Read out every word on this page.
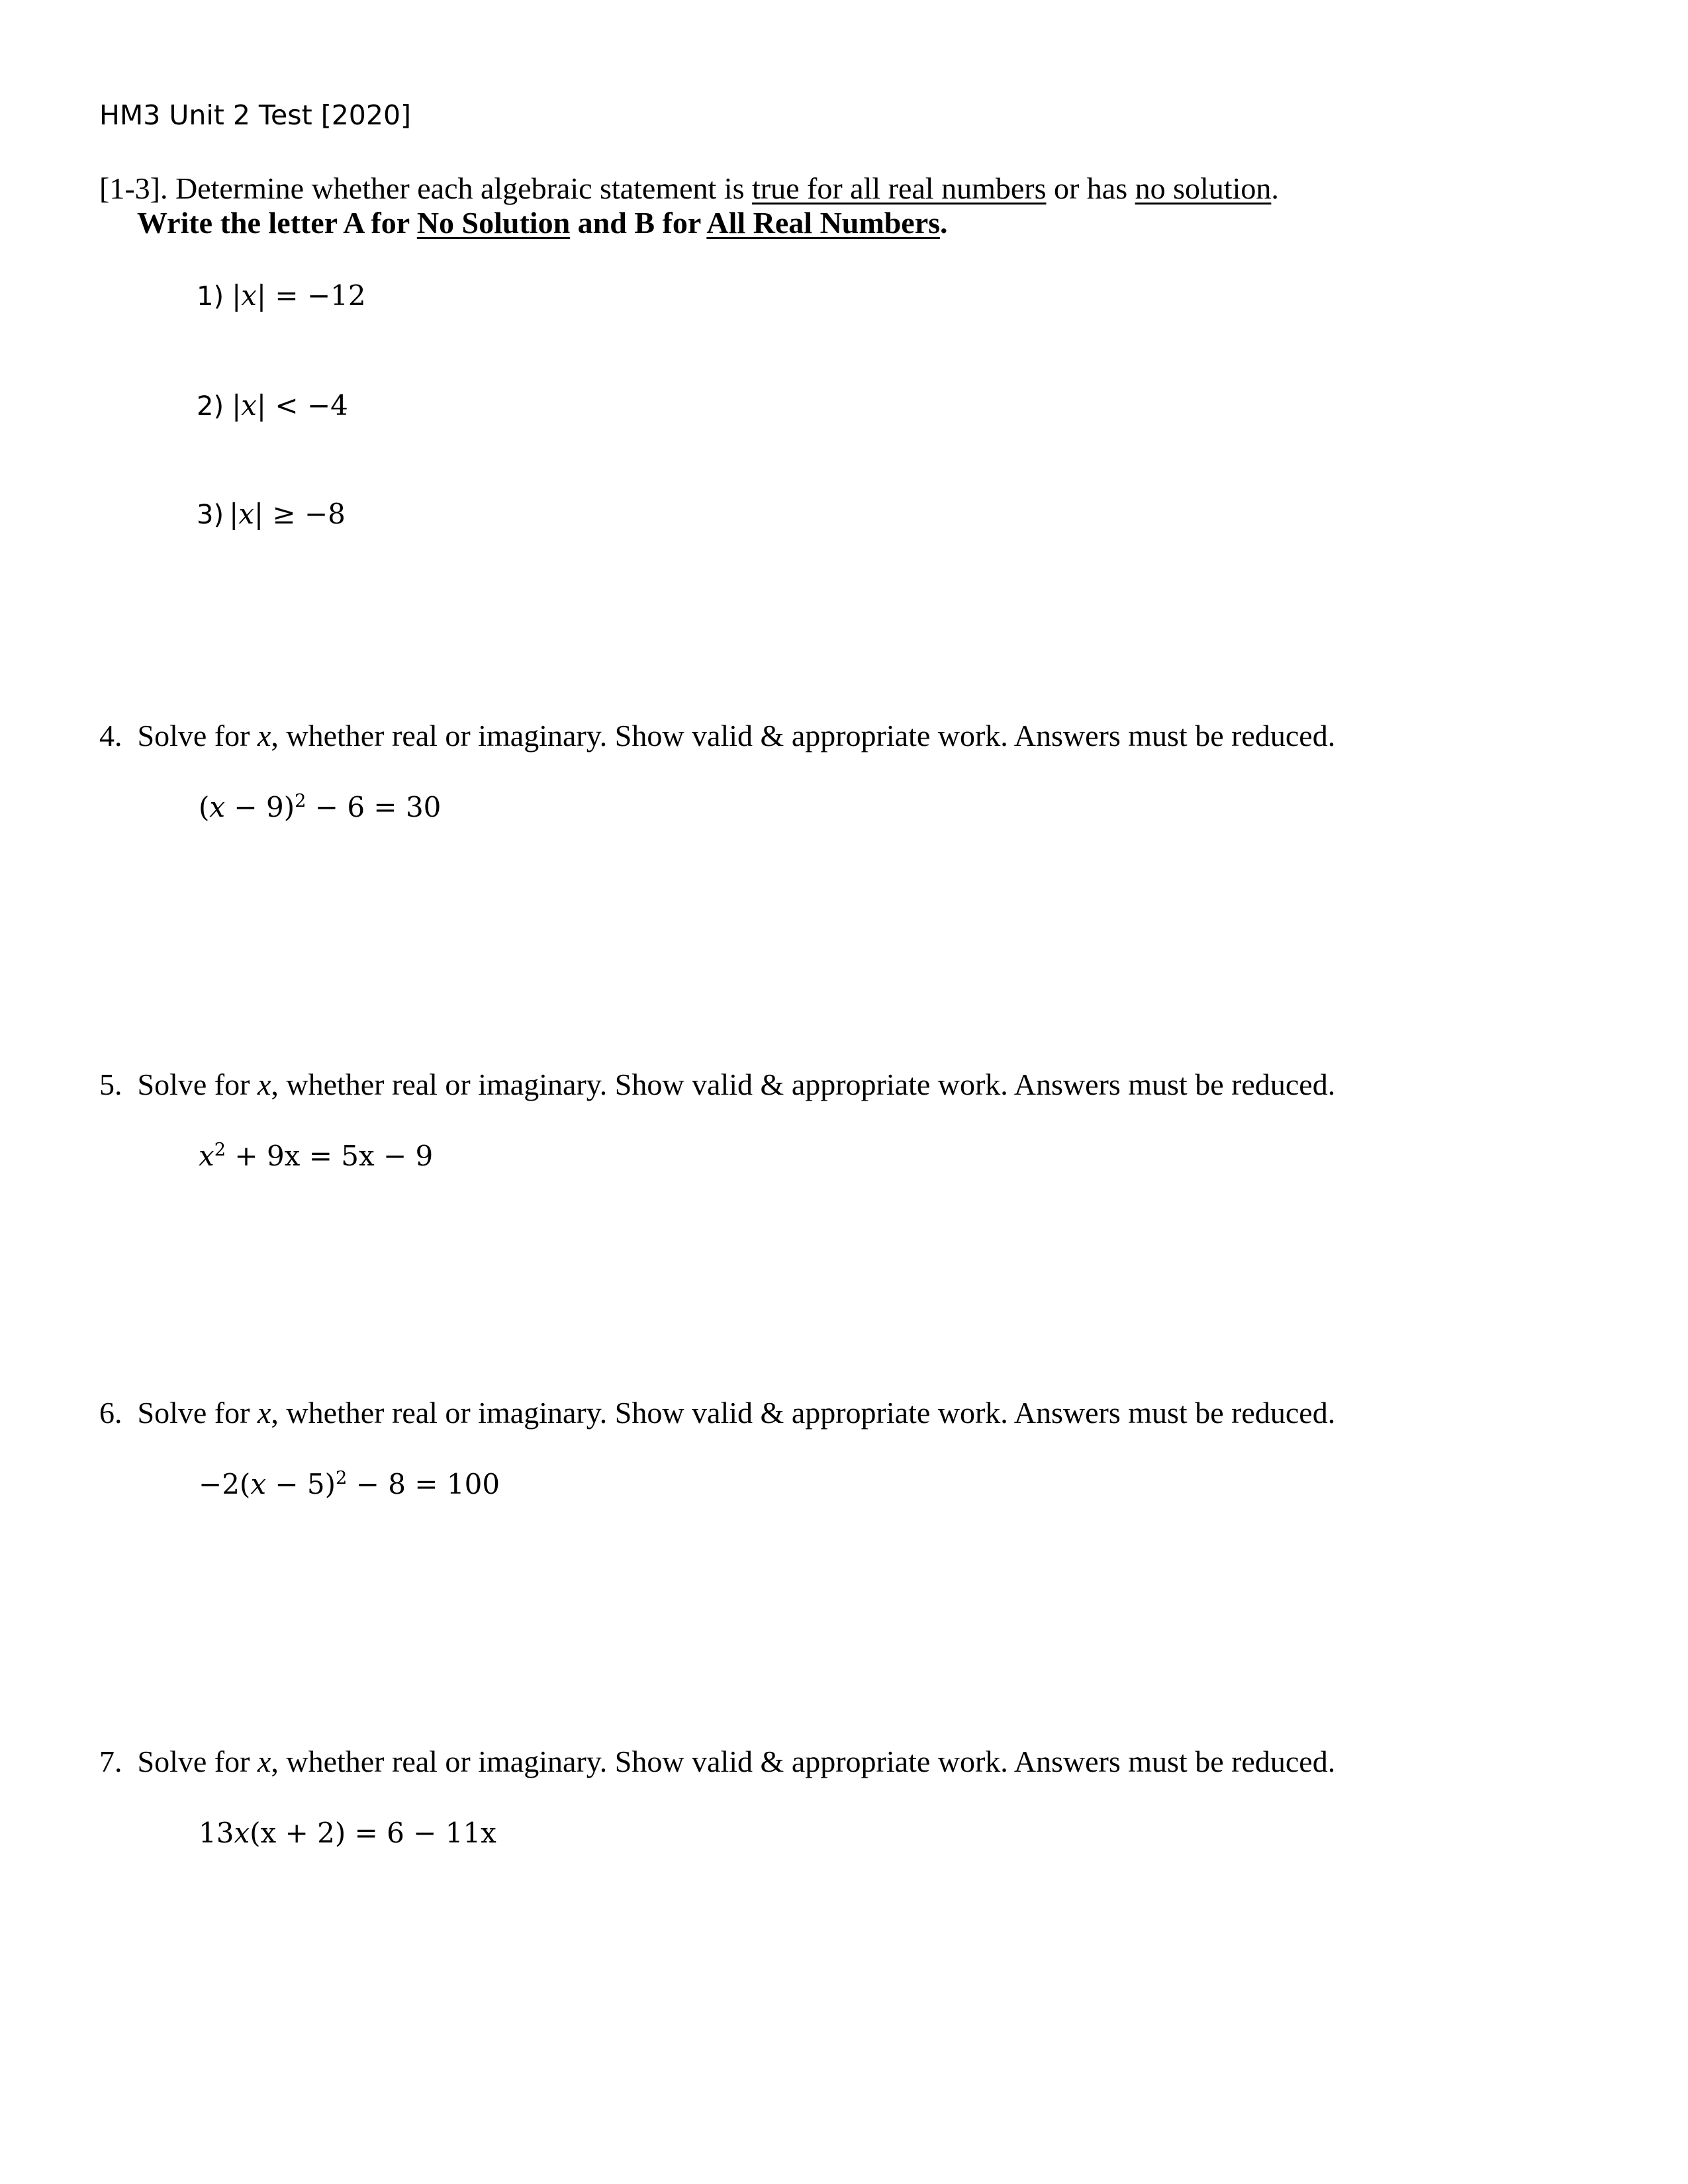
HM3 Unit 2 Test [2020]
[1-3]. Determine whether each algebraic statement is true for all real numbers or has no solution.
Write the letter A for No Solution and B for All Real Numbers.
1) |x| = −12
2) |x| < −4
3) |x| ≥ −8
4. Solve for x, whether real or imaginary. Show valid & appropriate work. Answers must be reduced.
$(x - 9)^2 - 6 = 30$
5. Solve for x, whether real or imaginary. Show valid & appropriate work. Answers must be reduced.
$x^2 + 9x = 5x - 9$
6. Solve for x, whether real or imaginary. Show valid & appropriate work. Answers must be reduced.
$-2(x - 5)^2 - 8 = 100$
7. Solve for x, whether real or imaginary. Show valid & appropriate work. Answers must be reduced.
13x(x + 2) = 6 − 11x
